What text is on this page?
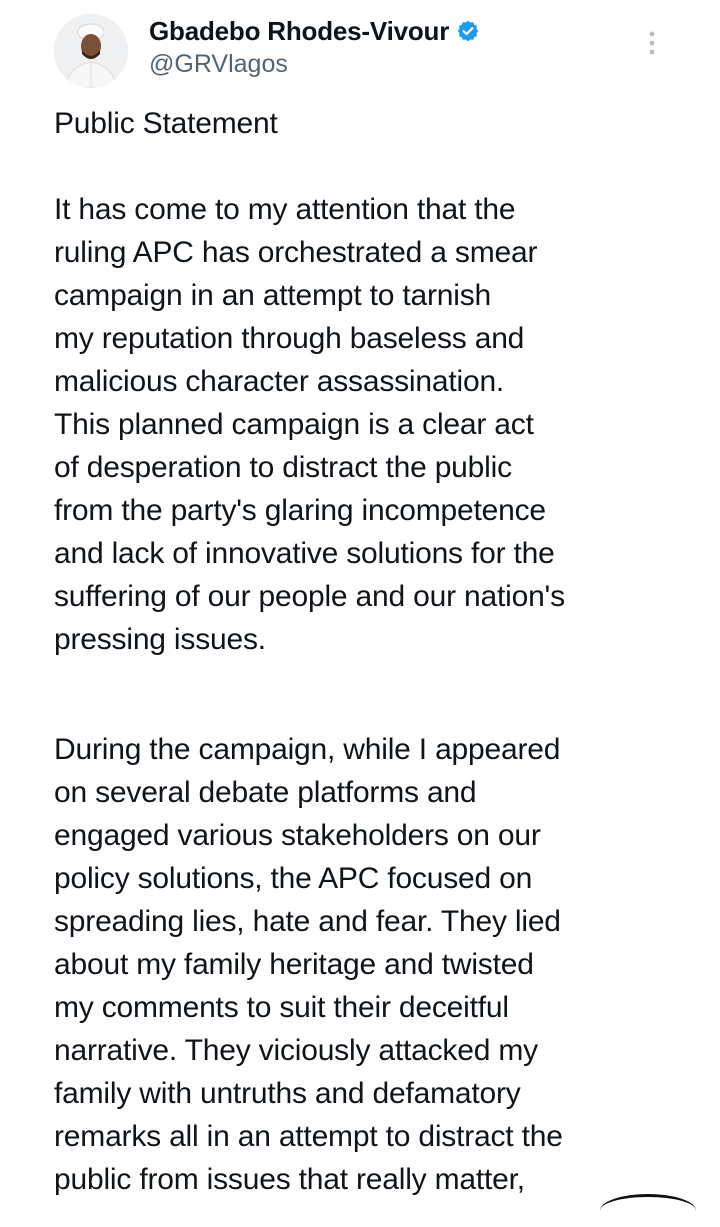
Gbadebo Rhodes-Vivour
@GRVlagos
Public Statement
It has come to my attention that the
ruling APC has orchestrated a smear
campaign in an attempt to tarnish
my reputation through baseless and
malicious character assassination.
This planned campaign is a clear act
of desperation to distract the public
from the party's glaring incompetence
and lack of innovative solutions for the
suffering of our people and our nation's
pressing issues.
During the campaign, while I appeared
on several debate platforms and
engaged various stakeholders on our
policy solutions, the APC focused on
spreading lies, hate and fear. They lied
about my family heritage and twisted
my comments to suit their deceitful
narrative. They viciously attacked my
family with untruths and defamatory
remarks all in an attempt to distract the
public from issues that really matter,
